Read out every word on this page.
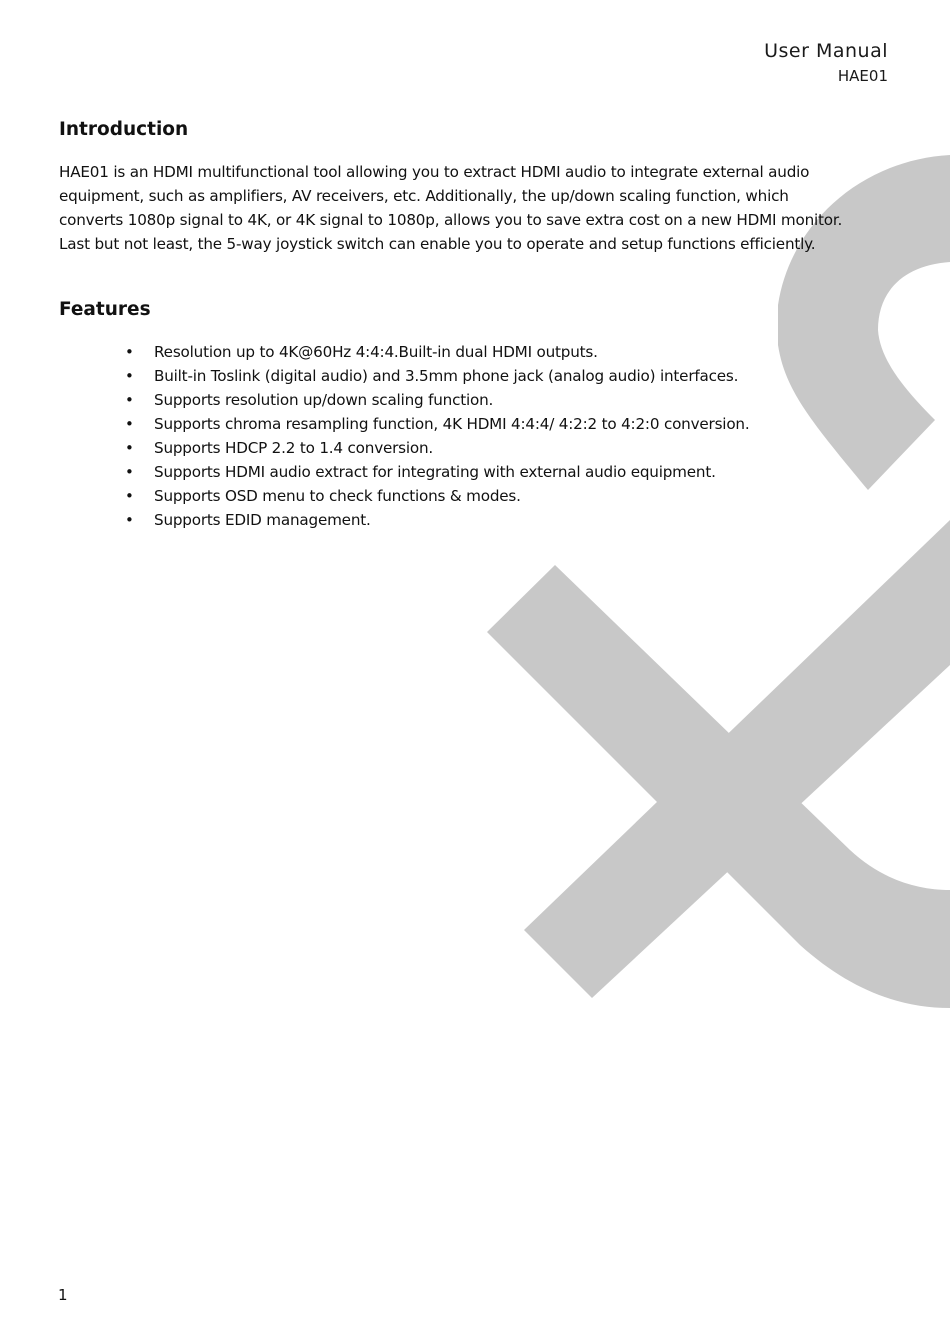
User Manual
HAE01
Introduction

HAE01 is an HDMI multifunctional tool allowing you to extract HDMI audio to integrate external audio
equipment, such as amplifiers, AV receivers, etc. Additionally, the up/down scaling function, which
converts 1080p signal to 4K, or 4K signal to 1080p, allows you to save extra cost on a new HDMI monitor.
Last but not least, the 5-way joystick switch can enable you to operate and setup functions efficiently.

Features
• Resolution up to 4K@60Hz 4:4:4.Built-in dual HDMI outputs.
• Built-in Toslink (digital audio) and 3.5mm phone jack (analog audio) interfaces.
• Supports resolution up/down scaling function.
• Supports chroma resampling function, 4K HDMI 4:4:4/ 4:2:2 to 4:2:0 conversion.
• Supports HDCP 2.2 to 1.4 conversion.
• Supports HDMI audio extract for integrating with external audio equipment.
• Supports OSD menu to check functions & modes.
• Supports EDID management.
1
